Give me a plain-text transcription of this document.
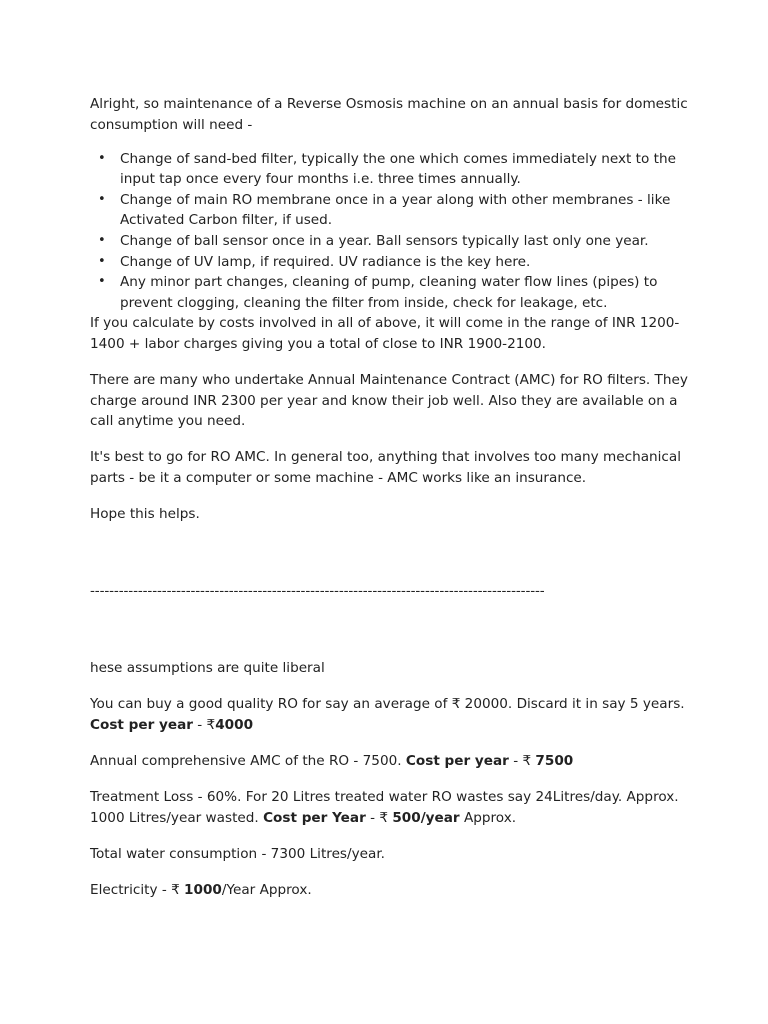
Alright, so maintenance of a Reverse Osmosis machine on an annual basis for domestic consumption will need -

• Change of sand-bed filter, typically the one which comes immediately next to the input tap once every four months i.e. three times annually.
• Change of main RO membrane once in a year along with other membranes - like Activated Carbon filter, if used.
• Change of ball sensor once in a year. Ball sensors typically last only one year.
• Change of UV lamp, if required. UV radiance is the key here.
• Any minor part changes, cleaning of pump, cleaning water flow lines (pipes) to prevent clogging, cleaning the filter from inside, check for leakage, etc.

If you calculate by costs involved in all of above, it will come in the range of INR 1200-1400 + labor charges giving you a total of close to INR 1900-2100.

There are many who undertake Annual Maintenance Contract (AMC) for RO filters. They charge around INR 2300 per year and know their job well. Also they are available on a call anytime you need.

It's best to go for RO AMC. In general too, anything that involves too many mechanical parts - be it a computer or some machine - AMC works like an insurance.

Hope this helps.

-----------------------------------------------------------------------------------------------

hese assumptions are quite liberal

You can buy a good quality RO for say an average of ₹ 20000. Discard it in say 5 years. Cost per year - ₹4000

Annual comprehensive AMC of the RO - 7500. Cost per year - ₹ 7500

Treatment Loss - 60%. For 20 Litres treated water RO wastes say 24Litres/day. Approx. 1000 Litres/year wasted. Cost per Year - ₹ 500/year Approx.

Total water consumption - 7300 Litres/year.

Electricity - ₹ 1000/Year Approx.
